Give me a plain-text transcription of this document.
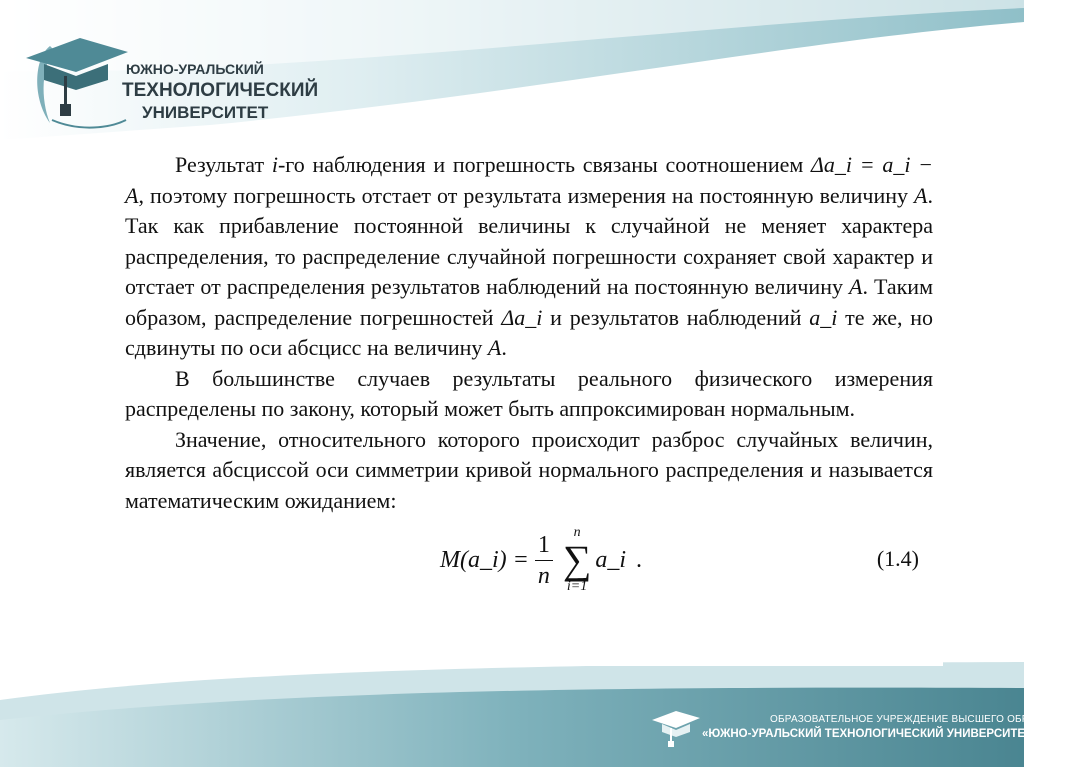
ЮЖНО-УРАЛЬСКИЙ
ТЕХНОЛОГИЧЕСКИЙ
УНИВЕРСИТЕТ

Результат i-го наблюдения и погрешность связаны соотношением Δa_i = a_i − A, поэтому погрешность отстает от результата измерения на постоянную величину A. Так как прибавление постоянной величины к случайной не меняет характера распределения, то распределение случайной погрешности сохраняет свой характер и отстает от распределения результатов наблюдений на постоянную величину A. Таким образом, распределение погрешностей Δa_i и результатов наблюдений a_i те же, но сдвинуты по оси абсцисс на величину A.

В большинстве случаев результаты реального физического измерения распределены по закону, который может быть аппроксимирован нормальным.

Значение, относительного которого происходит разброс случайных величин, является абсциссой оси симметрии кривой нормального распределения и называется математическим ожиданием:

M(a_i) = $\frac{1}{n}$ n
∑
i=1
a_i .	(1.4)
ОБРАЗОВАТЕЛЬНОЕ УЧРЕЖДЕНИЕ ВЫСШЕГО ОБРАЗОВАНИЯ
«ЮЖНО-УРАЛЬСКИЙ ТЕХНОЛОГИЧЕСКИЙ УНИВЕРСИТЕТ»
